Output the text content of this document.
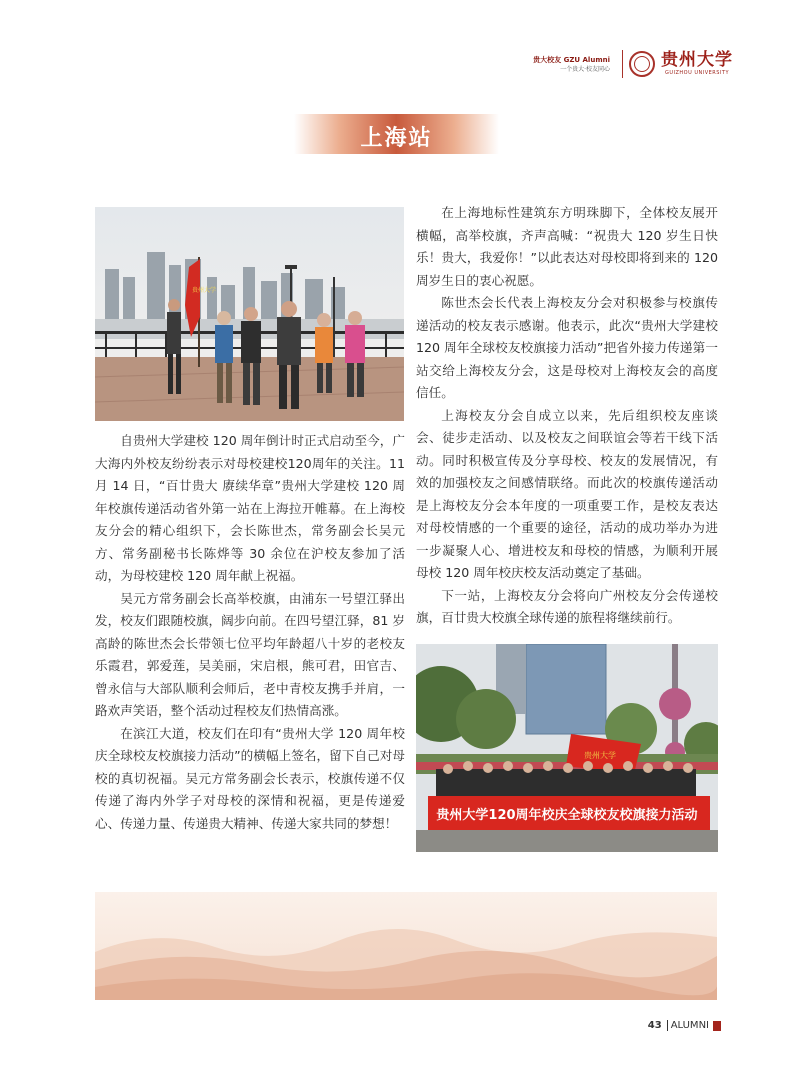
贵大校友 GZU Alumni
一个贵大·校友同心	贵州大学
GUIZHOU UNIVERSITY
上海站
贵州大学

自贵州大学建校 120 周年倒计时正式启动至今，广大海内外校友纷纷表示对母校建校120周年的关注。11 月 14 日，“百廿贵大 赓续华章”贵州大学建校 120 周年校旗传递活动省外第一站在上海拉开帷幕。在上海校友分会的精心组织下，会长陈世杰，常务副会长吴元方、常务副秘书长陈烨等 30 余位在沪校友参加了活动，为母校建校 120 周年献上祝福。

吴元方常务副会长高举校旗，由浦东一号望江驿出发，校友们跟随校旗，阔步向前。在四号望江驿，81 岁高龄的陈世杰会长带领七位平均年龄超八十岁的老校友乐霞君，郭爱莲，吴美丽，宋启根，熊可君，田官吉、曾永信与大部队顺利会师后，老中青校友携手并肩，一路欢声笑语，整个活动过程校友们热情高涨。

在滨江大道，校友们在印有“贵州大学 120 周年校庆全球校友校旗接力活动”的横幅上签名，留下自己对母校的真切祝福。吴元方常务副会长表示，校旗传递不仅传递了海内外学子对母校的深情和祝福，更是传递爱心、传递力量、传递贵大精神、传递大家共同的梦想！

在上海地标性建筑东方明珠脚下，全体校友展开横幅，高举校旗，齐声高喊：“祝贵大 120 岁生日快乐！贵大，我爱你！”以此表达对母校即将到来的 120 周岁生日的衷心祝愿。

陈世杰会长代表上海校友分会对积极参与校旗传递活动的校友表示感谢。他表示，此次“贵州大学建校 120 周年全球校友校旗接力活动”把省外接力传递第一站交给上海校友分会，这是母校对上海校友会的高度信任。

上海校友分会自成立以来，先后组织校友座谈会、徒步走活动、以及校友之间联谊会等若干线下活动。同时积极宣传及分享母校、校友的发展情况，有效的加强校友之间感情联络。而此次的校旗传递活动是上海校友分会本年度的一项重要工作，是校友表达对母校情感的一个重要的途径，活动的成功举办为进一步凝聚人心、增进校友和母校的情感，为顺利开展母校 120 周年校庆校友活动奠定了基础。

下一站，上海校友分会将向广州校友分会传递校旗，百廿贵大校旗全球传递的旅程将继续前行。

贵州大学
贵州大学120周年校庆全球校友校旗接力活动
43 ALUMNI
